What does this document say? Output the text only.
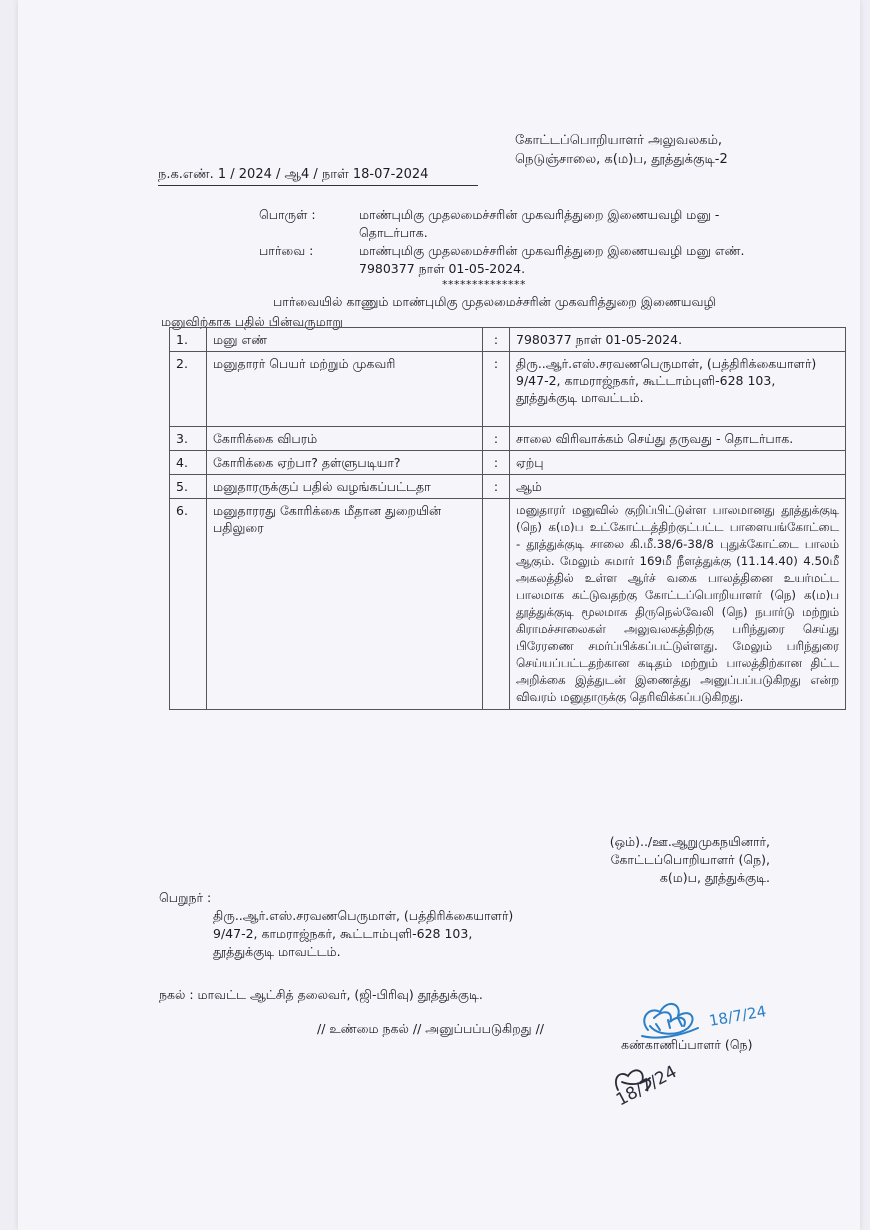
கோட்டப்பொறியாளர் அலுவலகம்,
நெடுஞ்சாலை, க(ம)ப, தூத்துக்குடி-2
ந.க.எண். 1 / 2024 / ஆ4 / நாள் 18-07-2024
பொருள் :	மாண்புமிகு முதலமைச்சரின் முகவரித்துறை இணையவழி மனு - தொடர்பாக.
பார்வை :	மாண்புமிகு முதலமைச்சரின் முகவரித்துறை இணையவழி மனு எண். 7980377 நாள் 01-05-2024.
**************
பார்வையில் காணும் மாண்புமிகு முதலமைச்சரின் முகவரித்துறை இணையவழி
மனுவிற்காக பதில் பின்வருமாறு
1.	மனு எண்	:	7980377 நாள் 01-05-2024.
2.	மனுதாரர் பெயர் மற்றும் முகவரி	:	திரு..ஆர்.எஸ்.சரவணபெருமாள், (பத்திரிக்கையாளர்) 9/47-2, காமராஜ்நகர், கூட்டாம்புளி-628 103, தூத்துக்குடி மாவட்டம்.
3.	கோரிக்கை விபரம்	:	சாலை விரிவாக்கம் செய்து தருவது - தொடர்பாக.
4.	கோரிக்கை ஏற்பா? தள்ளுபடியா?	:	ஏற்பு
5.	மனுதாரருக்குப் பதில் வழங்கப்பட்டதா	:	ஆம்
6.	மனுதாரரது கோரிக்கை மீதான துறையின் பதிலுரை		மனுதாரர் மனுவில் குறிப்பிட்டுள்ள பாலமானது தூத்துக்குடி (நெ) க(ம)ப உட்கோட்டத்திற்குட்பட்ட பாளையங்கோட்டை - தூத்துக்குடி சாலை கி.மீ.38/6-38/8 புதுக்கோட்டை பாலம் ஆகும். மேலும் சுமார் 169மீ நீளத்துக்கு (11.14.40) 4.50மீ அகலத்தில் உள்ள ஆர்ச் வகை பாலத்தினை உயர்மட்ட பாலமாக கட்டுவதற்கு கோட்டப்பொறியாளர் (நெ) க(ம)ப தூத்துக்குடி மூலமாக திருநெல்வேலி (நெ) நபார்டு மற்றும் கிராமச்சாலைகள் அலுவலகத்திற்கு பரிந்துரை செய்து பிரேரணை சமர்ப்பிக்கப்பட்டுள்ளது. மேலும் பரிந்துரை செய்யப்பட்டதற்கான கடிதம் மற்றும் பாலத்திற்கான திட்ட அறிக்கை இத்துடன் இணைத்து அனுப்பப்படுகிறது என்ற விவரம் மனுதாருக்கு தெரிவிக்கப்படுகிறது.
(ஒம்)../ஊ.ஆறுமுகநயினார்,
கோட்டப்பொறியாளர் (நெ),
க(ம)ப, தூத்துக்குடி.
பெறுநர் :
திரு..ஆர்.எஸ்.சரவணபெருமாள், (பத்திரிக்கையாளர்)
9/47-2, காமராஜ்நகர், கூட்டாம்புளி-628 103,
தூத்துக்குடி மாவட்டம்.
நகல் : மாவட்ட ஆட்சித் தலைவர், (ஜி-பிரிவு) தூத்துக்குடி.
// உண்மை நகல் // அனுப்பப்படுகிறது //
கண்காணிப்பாளர் (நெ)
18/7/24
18/7/24
